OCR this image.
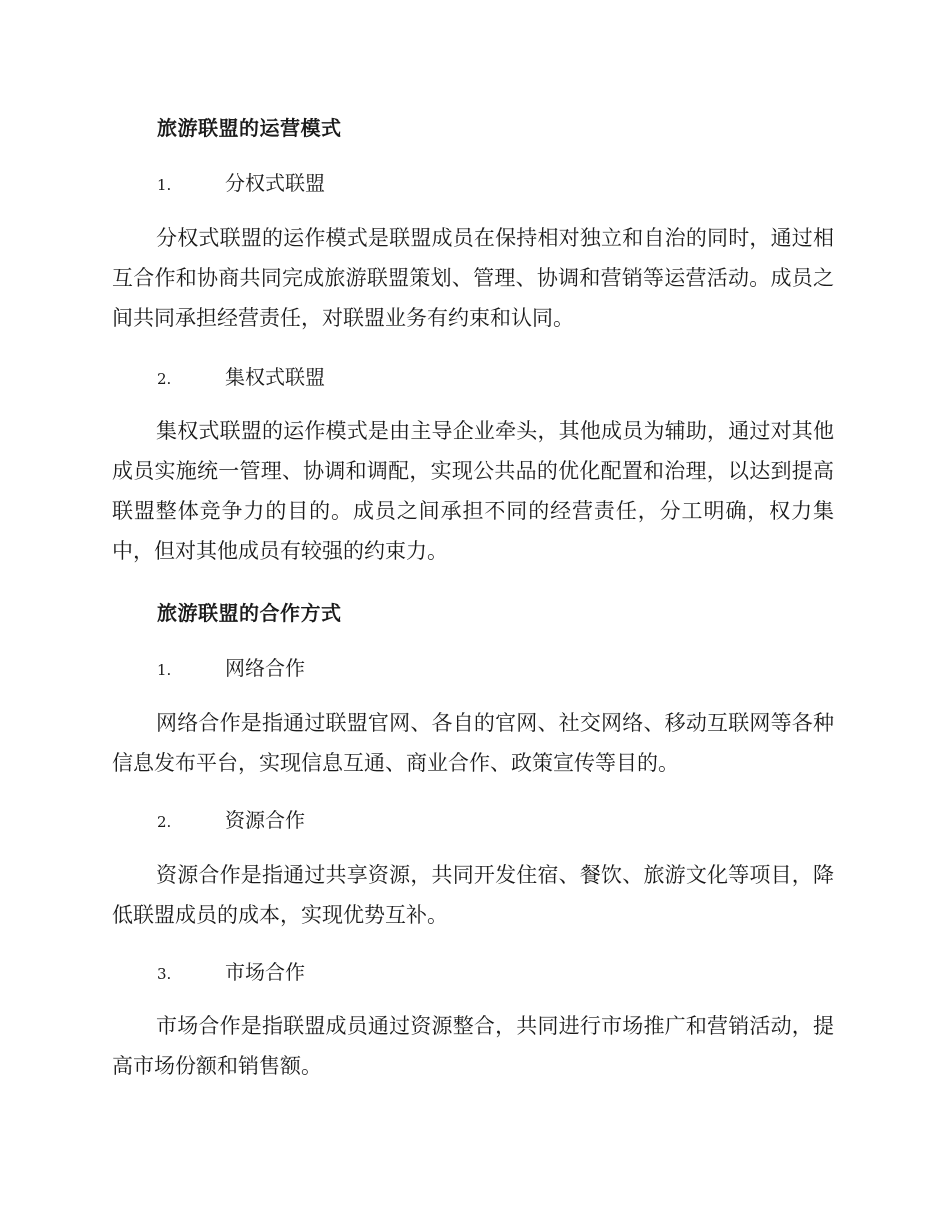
旅游联盟的运营模式
1.	分权式联盟
分权式联盟的运作模式是联盟成员在保持相对独立和自治的同时，通过相互合作和协商共同完成旅游联盟策划、管理、协调和营销等运营活动。成员之间共同承担经营责任，对联盟业务有约束和认同。
2.	集权式联盟
集权式联盟的运作模式是由主导企业牵头，其他成员为辅助，通过对其他成员实施统一管理、协调和调配，实现公共品的优化配置和治理，以达到提高联盟整体竞争力的目的。成员之间承担不同的经营责任，分工明确，权力集中，但对其他成员有较强的约束力。
旅游联盟的合作方式
1.	网络合作
网络合作是指通过联盟官网、各自的官网、社交网络、移动互联网等各种信息发布平台，实现信息互通、商业合作、政策宣传等目的。
2.	资源合作
资源合作是指通过共享资源，共同开发住宿、餐饮、旅游文化等项目，降低联盟成员的成本，实现优势互补。
3.	市场合作
市场合作是指联盟成员通过资源整合，共同进行市场推广和营销活动，提高市场份额和销售额。
